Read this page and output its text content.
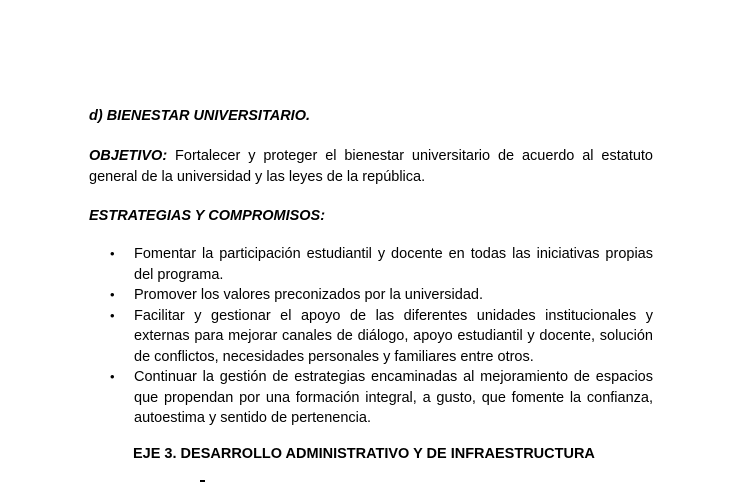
d) BIENESTAR UNIVERSITARIO.
OBJETIVO: Fortalecer y proteger el bienestar universitario de acuerdo al estatuto general de la universidad y las leyes de la república.
ESTRATEGIAS Y COMPROMISOS:
•	Fomentar la participación estudiantil y docente en todas las iniciativas propias del programa.
•	Promover los valores preconizados por la universidad.
•	Facilitar y gestionar el apoyo de las diferentes unidades institucionales y externas para mejorar canales de diálogo, apoyo estudiantil y docente, solución de conflictos, necesidades personales y familiares entre otros.
•	Continuar la gestión de estrategias encaminadas al mejoramiento de espacios que propendan por una formación integral, a gusto, que fomente la confianza, autoestima y sentido de pertenencia.
EJE 3. DESARROLLO ADMINISTRATIVO Y DE INFRAESTRUCTURA
